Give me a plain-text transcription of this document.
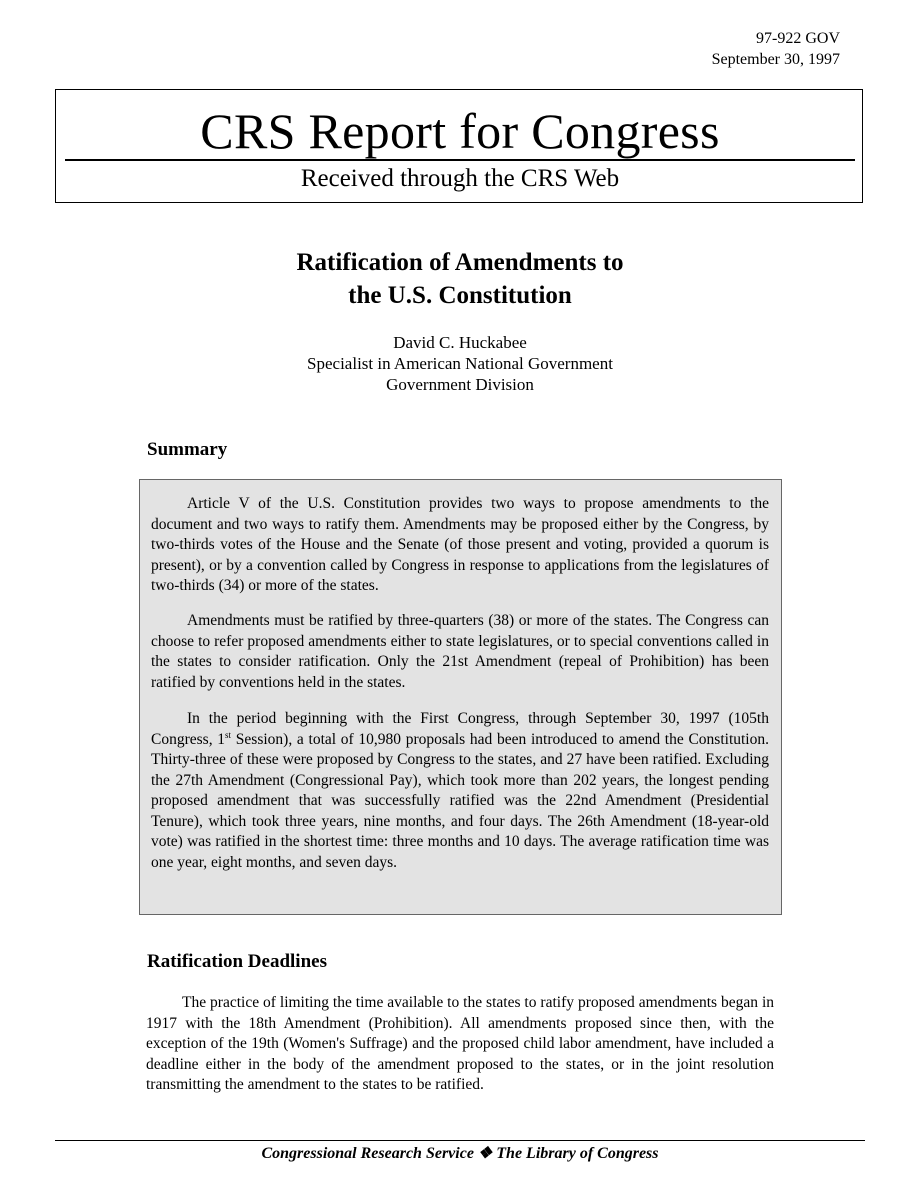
97-922 GOV
September 30, 1997
CRS Report for Congress
Received through the CRS Web
Ratification of Amendments to
the U.S. Constitution
David C. Huckabee
Specialist in American National Government
Government Division
Summary

Article V of the U.S. Constitution provides two ways to propose amendments to the document and two ways to ratify them. Amendments may be proposed either by the Congress, by two-thirds votes of the House and the Senate (of those present and voting, provided a quorum is present), or by a convention called by Congress in response to applications from the legislatures of two-thirds (34) or more of the states.

Amendments must be ratified by three-quarters (38) or more of the states. The Congress can choose to refer proposed amendments either to state legislatures, or to special conventions called in the states to consider ratification. Only the 21st Amendment (repeal of Prohibition) has been ratified by conventions held in the states.

In the period beginning with the First Congress, through September 30, 1997 (105th Congress, 1st Session), a total of 10,980 proposals had been introduced to amend the Constitution. Thirty-three of these were proposed by Congress to the states, and 27 have been ratified. Excluding the 27th Amendment (Congressional Pay), which took more than 202 years, the longest pending proposed amendment that was successfully ratified was the 22nd Amendment (Presidential Tenure), which took three years, nine months, and four days. The 26th Amendment (18-year-old vote) was ratified in the shortest time: three months and 10 days. The average ratification time was one year, eight months, and seven days.

Ratification Deadlines

The practice of limiting the time available to the states to ratify proposed amendments began in 1917 with the 18th Amendment (Prohibition). All amendments proposed since then, with the exception of the 19th (Women's Suffrage) and the proposed child labor amendment, have included a deadline either in the body of the amendment proposed to the states, or in the joint resolution transmitting the amendment to the states to be ratified.

Congressional Research Service ❖ The Library of Congress
